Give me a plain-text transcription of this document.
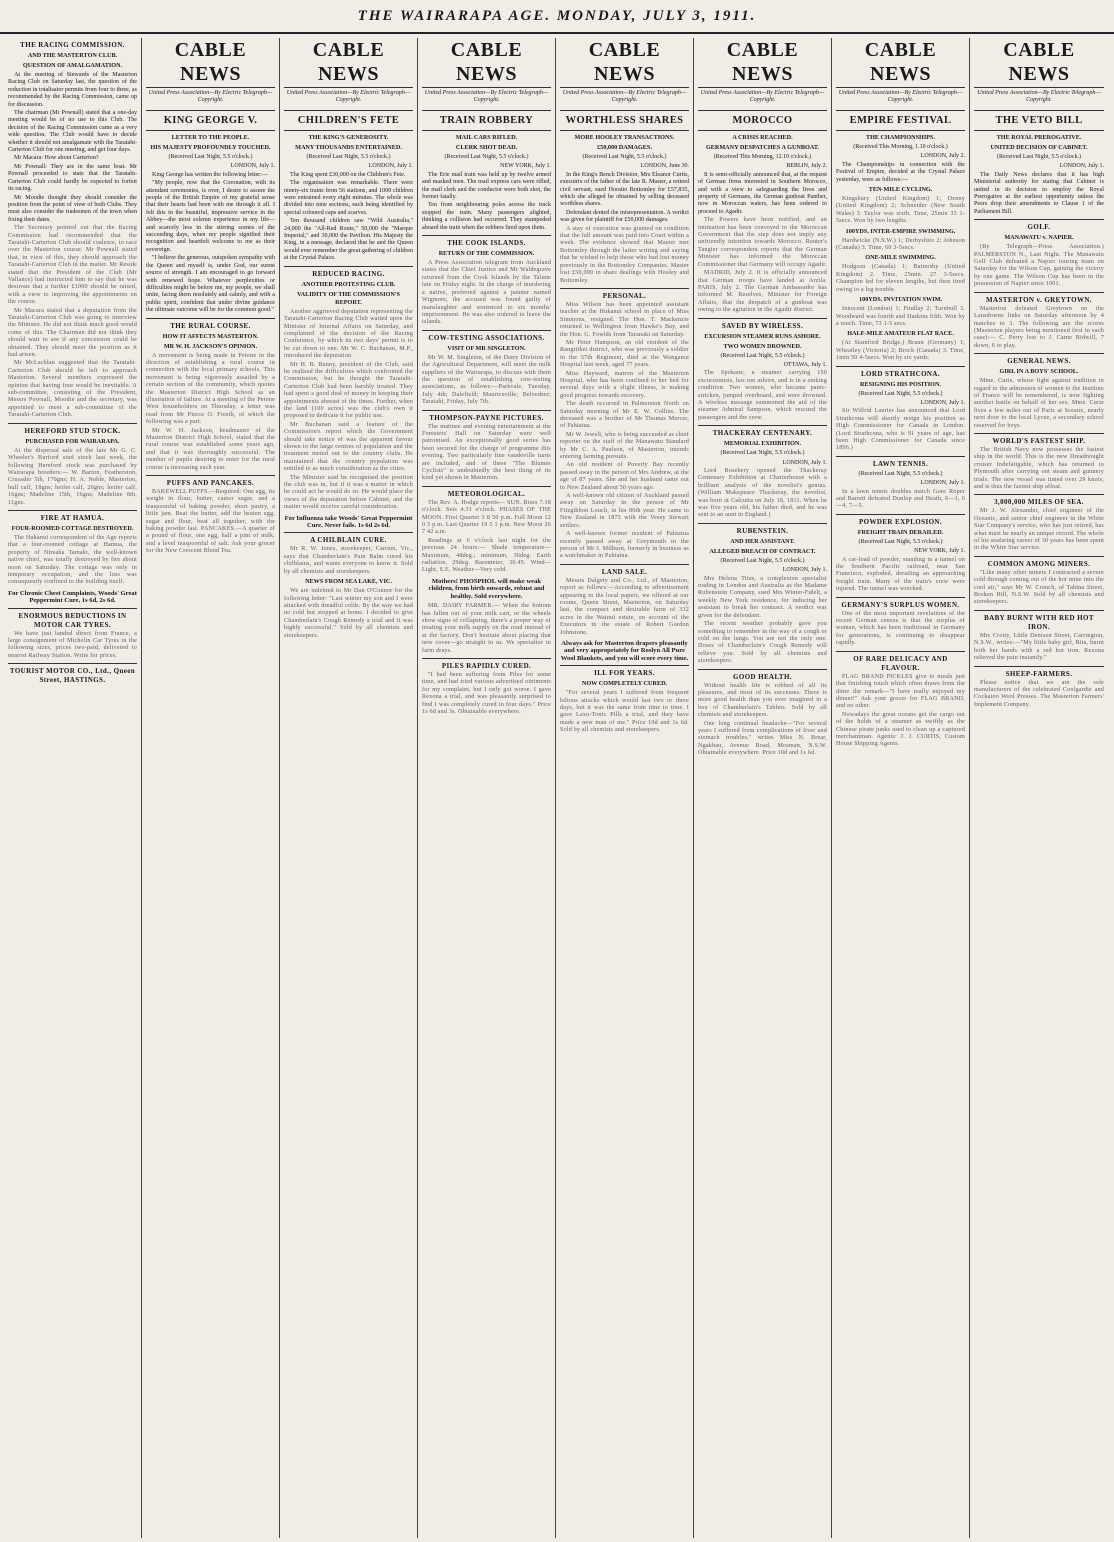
THE WAIRARAPA AGE. MONDAY, JULY 3, 1911.
THE RACING COMMISSION.
AND THE MASTERTON CLUB.
QUESTION OF AMALGAMATION.

At the meeting of Stewards of the Masterton Racing Club on Saturday last, the question of the reduction in totalisator permits from four to three, as recommended by the Racing Commission, came up for discussion.

The chairman (Mr Pownall) stated that a one-day meeting would be of no use to this Club. The decision of the Racing Commission came as a very wide question. The Club would have to decide whether it should not amalgamate with the Taratahi-Carterton Club for one meeting, and get four days.

Mr Macara: How about Carterton?

Mr Pownall: They are in the same boat. Mr Pownall proceeded to state that the Taratahi-Carterton Club could hardly be expected to forfeit its racing.

Mr Moodie thought they should consider the position from the point of view of both Clubs. They must also consider the tradesmen of the town when fixing their dates.

The Secretary pointed out that the Racing Commission had recommended that the Taratahi-Carterton Club should coalesce, to race over the Masterton course. Mr Pownall stated that, in view of this, they should approach the Taratahi-Carterton Club in the matter. Mr Reside stated that the President of the Club (Mr Vallance) had instructed him to say that he was desirous that a further £1000 should be raised, with a view to improving the appointments on the course.

Mr Macara stated that a deputation from the Taratahi-Carterton Club was going to interview the Minister. He did not think much good would come of this. The Chairman did not think they should wait to see if any concession could be obtained. They should meet the position as it had arisen.

Mr McLachlan suggested that the Taratahi-Carterton Club should be left to approach Masterton. Several members expressed the opinion that having four would be inevitable. A sub-committee, consisting of the President, Messrs Pownall, Moodie and the secretary, was appointed to meet a sub-committee of the Taratahi-Carterton Club.

HEREFORD STUD STOCK.
PURCHASED FOR WAIRARAPA.

At the dispersal sale of the late Mr G. C. Wheeler's Burford stud stock last week, the following Hereford stock was purchased by Wairarapa breeders:— W. Barton, Featherston, Crusader 5th, 170gns; H. A. Noble, Masterton, bull calf, 18gns; heifer calf, 20gns; heifer calf, 16gns; Madeline 15th, 16gns; Madeline 8th, 11gns.

FIRE AT HAMUA.
FOUR-ROOMED COTTAGE DESTROYED.

The Hukanui correspondent of the Age reports that a four-roomed cottage at Hamua, the property of Nireaha Tamaki, the well-known native chief, was totally destroyed by fire about noon on Saturday. The cottage was only in temporary occupation, and the loss was consequently confined to the building itself.

For Chronic Chest Complaints, Woods' Great Peppermint Cure, 1s 6d, 2s 6d.
ENORMOUS REDUCTIONS IN MOTOR CAR TYRES.

We have just landed direct from France, a large consignment of Michelin Car Tyres in the following sizes, prices two-paid, delivered to nearest Railway Station. Write for prices.

TOURIST MOTOR CO., Ltd., Queen Street, HASTINGS.
CABLE NEWS
United Press Association—By Electric Telegraph—Copyright.
KING GEORGE V.
LETTER TO THE PEOPLE.
HIS MAJESTY PROFOUNDLY TOUCHED.
(Received Last Night, 5.5 o'clock.)
LONDON, July 1.

King George has written the following letter:—

"My people, now that the Coronation, with its attendant ceremonies, is over, I desire to assure the people of the British Empire of my grateful sense that their hearts had been with me through it all. I felt this in the beautiful, impressive service in the Abbey—the most solemn experience in my life—and scarcely less in the stirring scenes of the succeeding days, when my people signified their recognition and heartfelt welcome to me as their sovereign.

"I believe the generous, outspoken sympathy with the Queen and myself is, under God, our surest source of strength. I am encouraged to go forward with renewed hope. Whatever perplexities or difficulties might be before me, my people, we shall unite, facing them resolutely and calmly, and with a public spirit, confident that under divine guidance the ultimate outcome will be for the common good."

THE RURAL COURSE.
HOW IT AFFECTS MASTERTON.
MR W. H. JACKSON'S OPINION.

A movement is being made in Petone in the direction of establishing a rural course in connection with the local primary schools. This movement is being vigorously assailed by a certain section of the community, which quotes the Masterton District High School as an illustration of failure. At a meeting of the Petone West householders on Thursday, a letter was read from Mr Pierce O. Freeth, of which the following was a part.

Mr W. H. Jackson, headmaster of the Masterton District High School, stated that the rural course was established some years ago, and that it was thoroughly successful. The number of pupils desiring to enter for the rural course is increasing each year.

PUFFS AND PANCAKES.

BAKEWELL PUFFS.—Required: One egg, its weight in flour, butter, castor sugar, and a teaspoonful of baking powder, short pastry, a little jam. Beat the butter, add the beaten egg, sugar and flour, beat all together, with the baking powder last. PANCAKES.—A quarter of a pound of flour, one egg, half a pint of milk, and a level teaspoonful of salt. Ask your grocer for the New Crescent Blend Tea.

CABLE NEWS
United Press Association—By Electric Telegraph—Copyright.
CHILDREN'S FETE
THE KING'S GENEROSITY.
MANY THOUSANDS ENTERTAINED.
(Received Last Night, 5.5 o'clock.)
LONDON, July 1.

The King spent £30,000 on the Children's Fete.

The organisation was remarkable. There were ninety-six trains from 56 stations, and 1000 children were entrained every eight minutes. The whole was divided into nine sections, each being identified by special coloured caps and scarves.

Ten thousand children saw "Wild Australia," 24,000 the "All-Red Route," 50,000 the "Marque Imperial," and 30,000 the Pavilion. His Majesty the King, in a message, declared that he and the Queen would ever remember the great gathering of children at the Crystal Palace.

REDUCED RACING.
ANOTHER PROTESTING CLUB.
VALIDITY OF THE COMMISSION'S REPORT.

Another aggrieved deputation representing the Taratahi-Carterton Racing Club waited upon the Minister of Internal Affairs on Saturday, and complained of the decision of the Racing Conference, by which its two days' permit is to be cut down to one. Mr W. C. Buchanan, M.P., introduced the deputation.

Mr H. B. Bunny, president of the Club, said he realised the difficulties which confronted the Commission, but he thought the Taratahi-Carterton Club had been harshly treated. They had spent a good deal of money in keeping their appointments abreast of the times. Further, when the land (100 acres) was the club's own it proposed to dedicate it for public use.

Mr Buchanan said a feature of the Commission's report which the Government should take notice of was the apparent favour shown to the large centres of population and the treatment meted out to the country clubs. He maintained that the country population was entitled to as much consideration as the cities.

The Minister said he recognised the position the club was in, but if it was a matter in which he could act he would do so. He would place the views of the deputation before Cabinet, and the matter would receive careful consideration.

For Influenza take Woods' Great Peppermint Cure. Never fails. 1s 6d 2s 6d.
A CHILBLAIN CURE.

Mr R. W. Jones, storekeeper, Carrum, Vic., says that Chamberlain's Pain Balm cured his chilblains, and wants everyone to know it. Sold by all chemists and storekeepers.

NEWS FROM SEA LAKE, VIC.

We are indebted to Mr Dan O'Connor for the following letter: "Last winter my son and I were attacked with dreadful colds. By the way we had no cold but stopped at home. I decided to give Chamberlain's Cough Remedy a trial and it was highly successful." Sold by all chemists and storekeepers.

CABLE NEWS
United Press Association—By Electric Telegraph—Copyright.
TRAIN ROBBERY
MAIL CARS RIFLED.
CLERK SHOT DEAD.
(Received Last Night, 5.5 o'clock.)
NEW YORK, July 1.

The Erie mail train was held up by twelve armed and masked men. The mail express cars were rifled, the mail clerk and the conductor were both shot, the former fatally.

Ten from neighbouring poles across the track stopped the train. Many passengers alighted, thinking a collision had occurred. They stampeded aboard the train when the robbers fired upon them.

THE COOK ISLANDS.
RETURN OF THE COMMISSION.

A Press Association telegram from Auckland states that the Chief Justice and Mr Waldegrave returned from the Cook Islands by the Talune late on Friday night. In the charge of murdering a native, preferred against a painter named Wigmore, the accused was found guilty of manslaughter and sentenced to six months' imprisonment. He was also ordered to leave the islands.

COW-TESTING ASSOCIATIONS.
VISIT OF MR SINGLETON.

Mr W. M. Singleton, of the Dairy Division of the Agricultural Department, will meet the milk suppliers of the Wairarapa, to discuss with them the question of establishing cow-testing associations, as follows:—Parkvale, Tuesday, July 4th; Dalefield; Mauriceville; Belvedere; Taratahi, Friday, July 7th.

THOMPSON-PAYNE PICTURES.

The matinee and evening entertainment at the Foresters' Hall on Saturday were well patronised. An exceptionally good series has been secured for the change of programme this evening. Two particularly fine vaudeville turns are included, and of these "The Blumes Cyclists" is undoubtedly the best thing of its kind yet shown in Masterton.

METEOROLOGICAL.

The Rev. A. Hodge reports— SUN. Rises 7.18 o'clock. Sets 4.31 o'clock. PHASES OF THE MOON. First Quarter 3 8 50 p.m. Full Moon 12 0 5 p.m. Last Quarter 19 5 1 p.m. New Moon 26 7 42 a.m.

Readings at 6 o'clock last night for the previous 24 hours:— Shade temperature—Maximum, 48deg.; minimum, 36deg. Earth radiation, 29deg. Barometer, 30.45. Wind—Light, S.E. Weather—Very cold.

Mothers! PHOSPHOL will make weak children, from birth onwards, robust and healthy. Sold everywhere.

MR. DAIRY FARMER.— When the bottom has fallen out of your milk cart, or the wheels show signs of collapsing, there's a proper way of treating your milk supply on the road instead of at the factory. Don't hesitate about placing that new cover—go straight to us. We specialise in farm drays.

PILES RAPIDLY CURED.

"I had been suffering from Piles for some time, and had tried various advertised ointments for my complaint, but I only got worse. I gave Rexona a trial, and was pleasantly surprised to find I was completely cured in four days." Price 1s 6d and 3s. Obtainable everywhere.

CABLE NEWS
United Press Association—By Electric Telegraph—Copyright.
WORTHLESS SHARES
MORE HOOLEY TRANSACTIONS.
£50,000 DAMAGES.
(Received Last Night, 5.5 o'clock.)
LONDON, June 30.

In the King's Bench Division, Mrs Eleanor Curtis, executrix of the father of the late R. Master, a retired civil servant, sued Horatio Bottomley for £57,835, which she alleged he obtained by selling deceased worthless shares.

Defendant denied the misrepresentation. A verdict was given for plaintiff for £50,000 damages.

A stay of execution was granted on condition that the full amount was paid into Court within a week. The evidence showed that Master met Bottomley through the latter writing and saying that he wished to help those who had lost money previously in the Bottomley Companies. Master lost £50,000 in share dealings with Hooley and Bottomley.

PERSONAL.

Miss Wilson has been appointed assistant teacher at the Hukanui school in place of Miss Simmons, resigned. The Hon. T. Mackenzie returned to Wellington from Hawke's Bay, and the Hon. G. Fowlds from Taranaki on Saturday.

Mr Peter Hampson, an old resident of the Rangitikei district, who was previously a soldier in the 57th Regiment, died at the Wanganui Hospital last week, aged 77 years.

Miss Hayward, matron of the Masterton Hospital, who has been confined to her bed for several days with a slight illness, is making good progress towards recovery.

The death occurred in Palmerston North on Saturday morning of Mr E. W. Collins. The deceased was a brother of Mr Thomas Mercer, of Pahiatua.

Mr W. Jewell, who is being succeeded as chief reporter on the staff of the Manawatu Standard by Mr C. A. Paulson, of Masterton, intends entering farming pursuits.

An old resident of Poverty Bay recently passed away in the person of Mrs Andrew, at the age of 87 years. She and her husband came out to New Zealand about 50 years ago.

A well-known old citizen of Auckland passed away on Saturday in the person of Mr Fitzgibbon Louch, in his 86th year. He came to New Zealand in 1875 with the Vesey Stewart settlers.

A well-known former resident of Pahiatua recently passed away at Greymouth in the person of Mr J. Milburn, formerly in business as a watchmaker in Pahiatua.

LAND SALE.

Messrs Dalgety and Co., Ltd., of Masterton, report as follows:—According to advertisement appearing in the local papers, we offered at our rooms, Queen Street, Masterton, on Saturday last, the compact and desirable farm of 332 acres in the Wainui estate, on account of the Executors in the estate of Robert Gordon Johnstone.

Always ask for Masterton drapers pleasantly and very appropriately for Roslyn All Pure Wool Blankets, and you will score every time.
ILL FOR YEARS.
NOW COMPLETELY CURED.

"For several years I suffered from frequent bilious attacks which would last two or three days, but it was the same from time to time. I gave Laxo-Tonic Pills a trial, and they have made a new man of me." Price 10d and 1s 6d. Sold by all chemists and storekeepers.

CABLE NEWS
United Press Association—By Electric Telegraph—Copyright.
MOROCCO
A CRISIS REACHED.
GERMANY DESPATCHES A GUNBOAT.
(Received This Morning, 12.10 o'clock.)
BERLIN, July 2.

It is semi-officially announced that, at the request of German firms interested in Southern Morocco, and with a view to safeguarding the lives and property of Germans, the German gunboat Panther, now in Moroccan waters, has been ordered to proceed to Agadir.

The Powers have been notified, and an intimation has been conveyed to the Moroccan Government that the step does not imply any unfriendly intention towards Morocco. Reuter's Tangier correspondent reports that the German Minister has informed the Moroccan Commissioner that Germany will occupy Agadir.

MADRID, July 2. It is officially announced that German troops have landed at Arzila. PARIS, July 2. The German Ambassador has informed M. Reselves, Minister for Foreign Affairs, that the despatch of a gunboat was owing to the agitation in the Agadir district.

SAVED BY WIRELESS.
EXCURSION STEAMER RUNS ASHORE.
TWO WOMEN DROWNED.
(Received Last Night, 5.5 o'clock.)
OTTAWA, July 1.

The Spokane, a steamer carrying 150 excursionists, has run ashore, and is in a sinking condition. Two women, who became panic-stricken, jumped overboard, and were drowned. A wireless message summoned the aid of the steamer Admiral Sampson, which rescued the passengers and the crew.

THACKERAY CENTENARY.
MEMORIAL EXHIBITION.
(Received Last Night, 5.5 o'clock.)
LONDON, July 1.

Lord Rosebery opened the Thackeray Centenary Exhibition at Charterhouse with a brilliant analysis of the novelist's genius. (William Makepeace Thackeray, the novelist, was born at Calcutta on July 18, 1811. When he was five years old, his father died, and he was sent to an aunt in England.)

RUBENSTEIN.
AND HER ASSISTANT.
ALLEGED BREACH OF CONTRACT.
(Received Last Night, 5.5 o'clock.)
LONDON, July 1.

Mrs Helena Titus, a complexion specialist trading in London and Australia as the Madame Rubenstein Company, sued Mrs Winter-Fidelt, a weekly New York residence, for inducing her assistant to break her contract. A verdict was given for the defendant.

The recent weather probably gave you something to remember in the way of a cough or cold on the lungs. You are not the only one. Doses of Chamberlain's Cough Remedy will relieve you. Sold by all chemists and storekeepers.

GOOD HEALTH.

Without health life is robbed of all its pleasures, and most of its successes. There is more good health than you ever imagined in a box of Chamberlain's Tablets. Sold by all chemists and storekeepers.

One long continual headache—"For several years I suffered from complications of liver and stomach troubles," writes Miss N. Brear, Ngakhau, Avenue Road, Mosman, N.S.W. Obtainable everywhere. Price 10d and 1s 6d.

CABLE NEWS
United Press Association—By Electric Telegraph—Copyright.
EMPIRE FESTIVAL
THE CHAMPIONSHIPS.
(Received This Morning, 1.10 o'clock.)
LONDON, July 2.

The Championships in connection with the Festival of Empire, decided at the Crystal Palace yesterday, were as follows:—

TEN-MILE CYCLING.

Kingsbury (United Kingdom) 1; Denny (United Kingdom) 2; Schneider (New South Wales) 3. Taylor was sixth. Time, 25min 35 1-5secs. Won by two lengths.

100YDS. INTER-EMPIRE SWIMMING.

Hardwicke (N.S.W.) 1; Derbyshire 2; Johnson (Canada) 3. Time, 60 3-5secs.

ONE-MILE SWIMMING.

Hodgson (Canada) 1; Battersby (United Kingdom) 2. Time, 25min. 27 3-5secs. Champion led for eleven lengths, but then tired owing to a leg trouble.

100YDS. INVITATION SWIM.

Innocent (London) 1; Findlay 2; Turnbull 3. Woodward was fourth and Haskins fifth. Won by a touch. Time, 73 1-5 secs.

HALF-MILE AMATEUR FLAT RACE.

(At Stamford Bridge.) Braun (Germany) 1; Wheatley (Victoria) 2; Brock (Canada) 3. Time, 1min 50 4-5secs. Won by six yards.

LORD STRATHCONA.
RESIGNING HIS POSITION.
(Received Last Night, 5.5 o'clock.)
LONDON, July 1.

Sir Wilfrid Laurier has announced that Lord Strathcona will shortly resign his position as High Commissioner for Canada in London. (Lord Strathcona, who is 91 years of age, has been High Commissioner for Canada since 1896.)

LAWN TENNIS.
(Received Last Night, 5.5 o'clock.)
LONDON, July 1.

In a lawn tennis doubles match Gore Roper and Barrett defeated Dunlop and Heath, 6—1, 6—4, 7—5.

POWDER EXPLOSION.
FREIGHT TRAIN DERAILED.
(Received Last Night, 5.5 o'clock.)
NEW YORK, July 1.

A car-load of powder, standing in a tunnel on the Southern Pacific railroad, near San Francisco, exploded, derailing an approaching freight train. Many of the train's crew were injured. The tunnel was wrecked.

GERMANY'S SURPLUS WOMEN.

One of the most important revelations of the recent German census is that the surplus of women, which has been traditional in Germany for generations, is continuing to disappear rapidly.

OF RARE DELICACY AND FLAVOUR.

FLAG BRAND PICKLES give to meals just that finishing touch which often draws from the diner the remark—"I have really enjoyed my dinner!" Ask your grocer for FLAG BRAND, and no other.

Nowadays the great oceans get the cargo out of the holds of a steamer as swiftly as the Chinese pirate junks used to clean up a captured merchantman. Agents: J. J. CURTIS, Custom House Shipping Agents.

CABLE NEWS
United Press Association—By Electric Telegraph—Copyright.
THE VETO BILL
THE ROYAL PREROGATIVE.
UNITED DECISION OF CABINET.
(Received Last Night, 5.5 o'clock.)
LONDON, July 1.

The Daily News declares that it has high Ministerial authority for stating that Cabinet is united in its decision to employ the Royal Prerogative at the earliest opportunity unless the Peers drop their amendments to Clause 1 of the Parliament Bill.

GOLF.
MANAWATU v. NAPIER.

(By Telegraph—Press Association.) PALMERSTON N., Last Night. The Manawatu Golf Club defeated a Napier touring team on Saturday for the Wilson Cup, gaining the victory by one game. The Wilson Cup has been in the possession of Napier since 1901.

MASTERTON v. GREYTOWN.

Masterton defeated Greytown on the Lansdowne links on Saturday afternoon by 4 matches to 3. The following are the scores (Masterton players being mentioned first in each case):— C. Perry lost to J. Carne Bidwill, 7 down, 6 to play.

GENERAL NEWS.
GIRL IN A BOYS' SCHOOL.

Mme. Curie, whose fight against tradition in regard to the admission of women to the Institute of France will be remembered, is now fighting another battle on behalf of her sex. Mme. Curie lives a few miles out of Paris at Sceaux, nearly next door to the local Lycee, a secondary school reserved for boys.

WORLD'S FASTEST SHIP.

The British Navy now possesses the fastest ship in the world. This is the new Dreadnought cruiser Indefatigable, which has returned to Plymouth after carrying out steam and gunnery trials. The new vessel was timed over 29 knots, and is thus the fastest ship afloat.

3,000,000 MILES OF SEA.

Mr J. W. Alexander, chief engineer of the Oceanic, and senior chief engineer in the White Star Company's service, who has just retired, has what must be nearly an unique record. The whole of his seafaring career of 30 years has been spent in the White Star service.

COMMON AMONG MINERS.

"Like many other miners I contracted a severe cold through coming out of the hot mine into the cool air," says Mr W. Crouch, of Tabina Street, Broken Hill, N.S.W. Sold by all chemists and storekeepers.

BABY BURNT WITH RED HOT IRON.

Mrs Crotty, Little Denison Street, Carrington, N.S.W., writes:—"My little baby girl, Rita, burnt both her hands with a red hot iron. Rexona relieved the pain instantly."

SHEEP-FARMERS.

Please notice that we are the sole manufacturers of the celebrated Coolgardie and Cockatoo Wool Presses. The Masterton Farmers' Implement Company.
